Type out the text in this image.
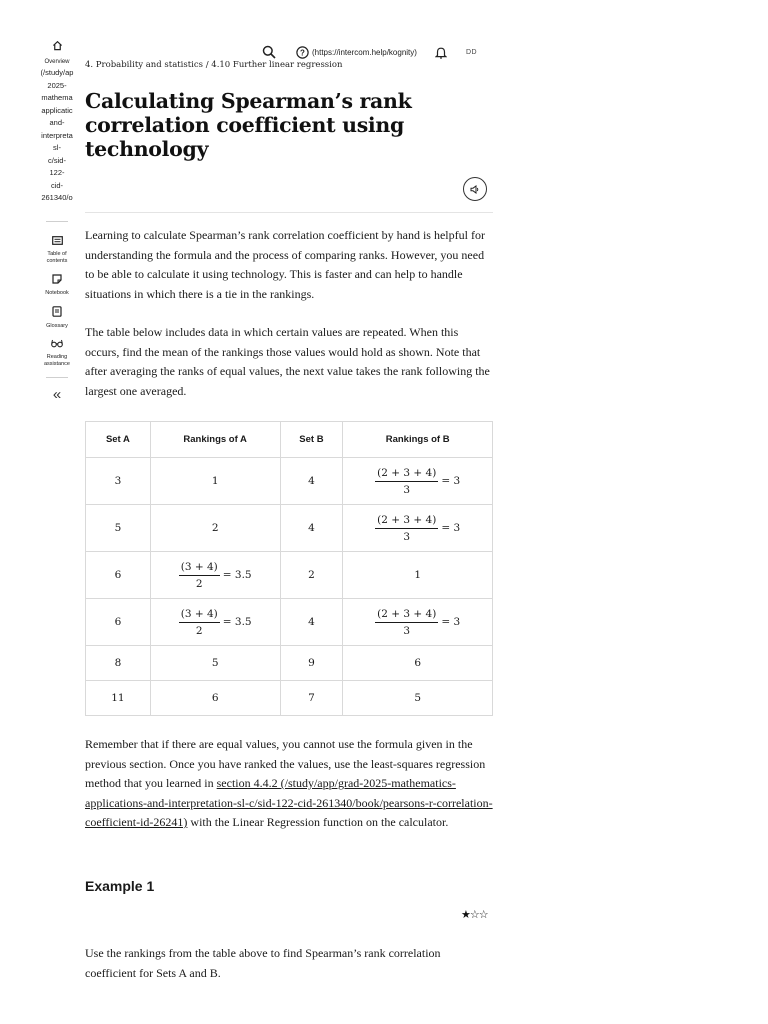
Overview
(/study/ap
2025-
mathema
applicatic
and-
interpreta
sl-
c/sid-
122-
cid-
261340/o
Table of
contents
Notebook
Glossary
Reading
assistance
«
? (https://intercom.help/kognity)	DD
4. Probability and statistics / 4.10 Further linear regression
Calculating Spearman’s rank correlation coefficient using technology
Learning to calculate Spearman’s rank correlation coefficient by hand is helpful for understanding the formula and the process of comparing ranks. However, you need to be able to calculate it using technology. This is faster and can help to handle situations in which there is a tie in the rankings.
The table below includes data in which certain values are repeated. When this occurs, find the mean of the rankings those values would hold as shown. Note that after averaging the ranks of equal values, the next value takes the rank following the largest one averaged.
Set A	Rankings of A	Set B	Rankings of B
3	1	4	$\frac{(2 + 3 + 4)}{3} = 3$

5	2	4	$\frac{(2 + 3 + 4)}{3} = 3$

6	$\frac{(3 + 4)}{2} = 3.5$	2	1
6	$\frac{(3 + 4)}{2} = 3.5$	4	$\frac{(2 + 3 + 4)}{3} = 3$

8	5	9	6
11	6	7	5
Remember that if there are equal values, you cannot use the formula given in the previous section. Once you have ranked the values, use the least-squares regression method that you learned in section 4.4.2 (/study/app/grad-2025-mathematics-applications-and-interpretation-sl-c/sid-122-cid-261340/book/pearsons-r-correlation-coefficient-id-26241) with the Linear Regression function on the calculator.
Example 1
★☆☆
Use the rankings from the table above to find Spearman’s rank correlation coefficient for Sets A and B.
